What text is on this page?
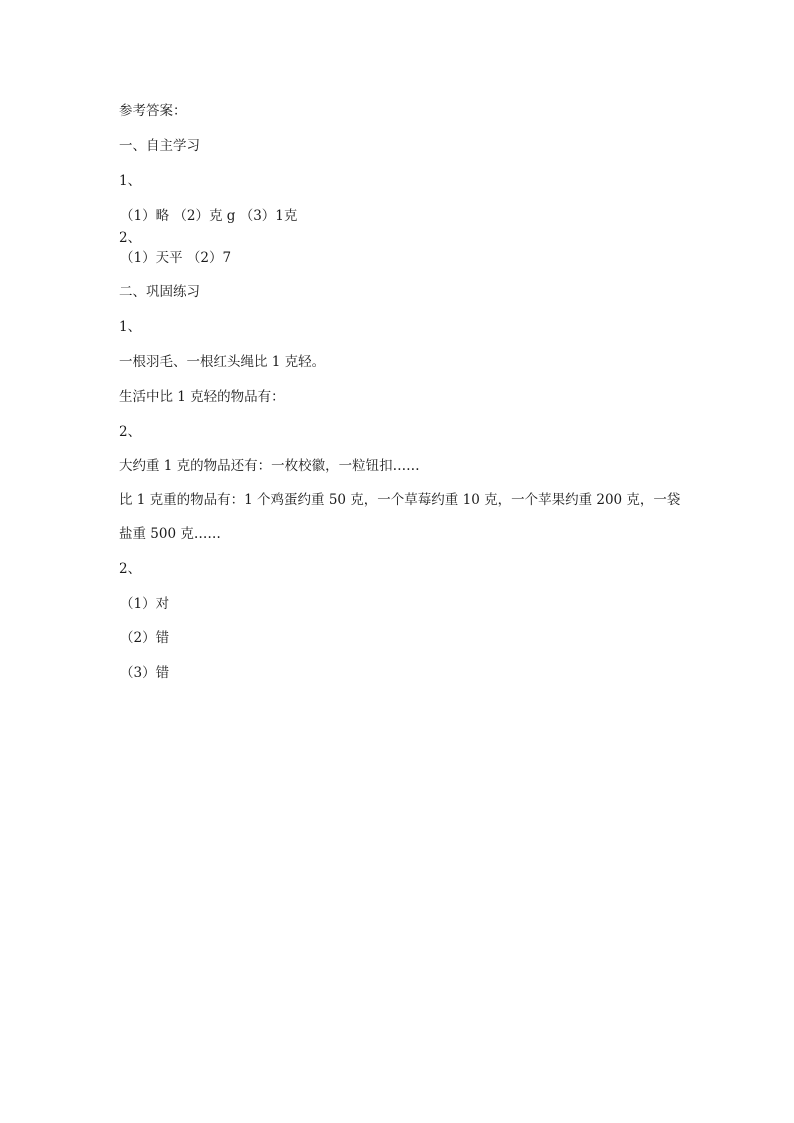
参考答案：
一、自主学习
1、
（1）略 （2）克 g （3）1克
2、
（1）天平 （2）7
二、巩固练习
1、
一根羽毛、一根红头绳比 1 克轻。
生活中比 1 克轻的物品有：
2、
大约重 1 克的物品还有：一枚校徽，一粒钮扣……
比 1 克重的物品有：1 个鸡蛋约重 50 克，一个草莓约重 10 克，一个苹果约重 200 克，一袋
盐重 500 克……
2、
（1）对
（2）错
（3）错
